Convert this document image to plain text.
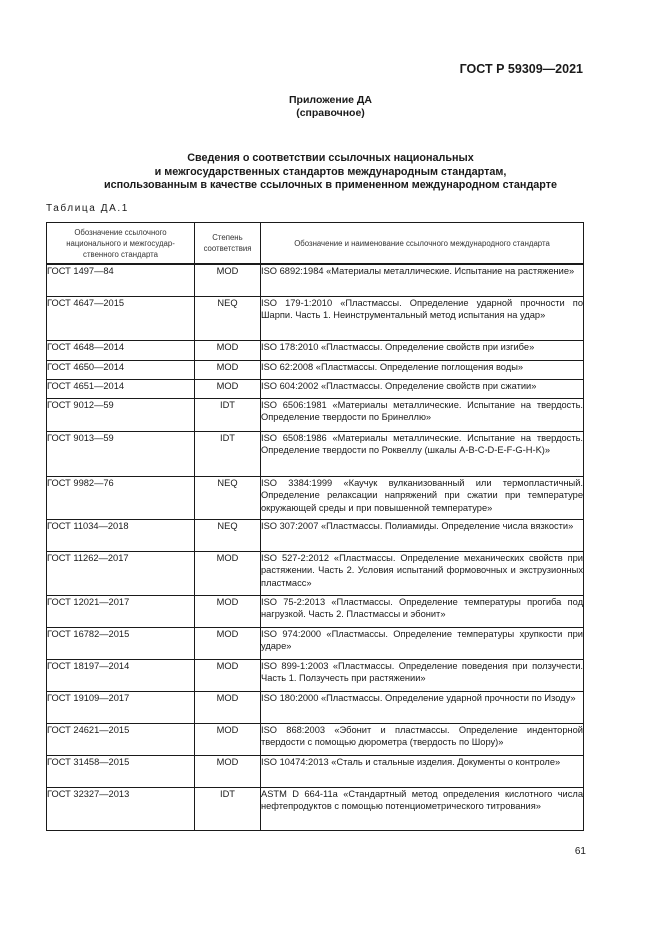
ГОСТ Р 59309—2021
Приложение ДА
(справочное)
Сведения о соответствии ссылочных национальных
и межгосударственных стандартов международным стандартам,
использованным в качестве ссылочных в примененном международном стандарте
Таблица ДА.1
Обозначение ссылочного национального и межгосудар-ственного стандарта	Степень соответствия	Обозначение и наименование ссылочного международного стандарта
ГОСТ 1497—84	MOD	ISO 6892:1984 «Материалы металлические. Испытание на растяжение»
ГОСТ 4647—2015	NEQ	ISO 179-1:2010 «Пластмассы. Определение ударной прочности по Шарпи. Часть 1. Неинструментальный метод испытания на удар»
ГОСТ 4648—2014	MOD	ISO 178:2010 «Пластмассы. Определение свойств при изгибе»
ГОСТ 4650—2014	MOD	ISO 62:2008 «Пластмассы. Определение поглощения воды»
ГОСТ 4651—2014	MOD	ISO 604:2002 «Пластмассы. Определение свойств при сжатии»
ГОСТ 9012—59	IDT	ISO 6506:1981 «Материалы металлические. Испытание на твердость. Определение твердости по Бринеллю»
ГОСТ 9013—59	IDT	ISO 6508:1986 «Материалы металлические. Испытание на твердость. Определение твердости по Роквеллу (шкалы A-B-C-D-E-F-G-H-K)»
ГОСТ 9982—76	NEQ	ISO 3384:1999 «Каучук вулканизованный или термопластичный. Определение релаксации напряжений при сжатии при температуре окружающей среды и при повышенной температуре»
ГОСТ 11034—2018	NEQ	ISO 307:2007 «Пластмассы. Полиамиды. Определение числа вязкости»
ГОСТ 11262—2017	MOD	ISO 527-2:2012 «Пластмассы. Определение механических свойств при растяжении. Часть 2. Условия испытаний формовочных и экструзионных пластмасс»
ГОСТ 12021—2017	MOD	ISO 75-2:2013 «Пластмассы. Определение температуры прогиба под нагрузкой. Часть 2. Пластмассы и эбонит»
ГОСТ 16782—2015	MOD	ISO 974:2000 «Пластмассы. Определение температуры хрупкости при ударе»
ГОСТ 18197—2014	MOD	ISO 899-1:2003 «Пластмассы. Определение поведения при ползучести. Часть 1. Ползучесть при растяжении»
ГОСТ 19109—2017	MOD	ISO 180:2000 «Пластмассы. Определение ударной прочности по Изоду»
ГОСТ 24621—2015	MOD	ISO 868:2003 «Эбонит и пластмассы. Определение инденторной твердости с помощью дюрометра (твердость по Шору)»
ГОСТ 31458—2015	MOD	ISO 10474:2013 «Сталь и стальные изделия. Документы о контроле»
ГОСТ 32327—2013	IDT	ASTM D 664-11a «Стандартный метод определения кислотного числа нефтепродуктов с помощью потенциометрического титрования»
61
